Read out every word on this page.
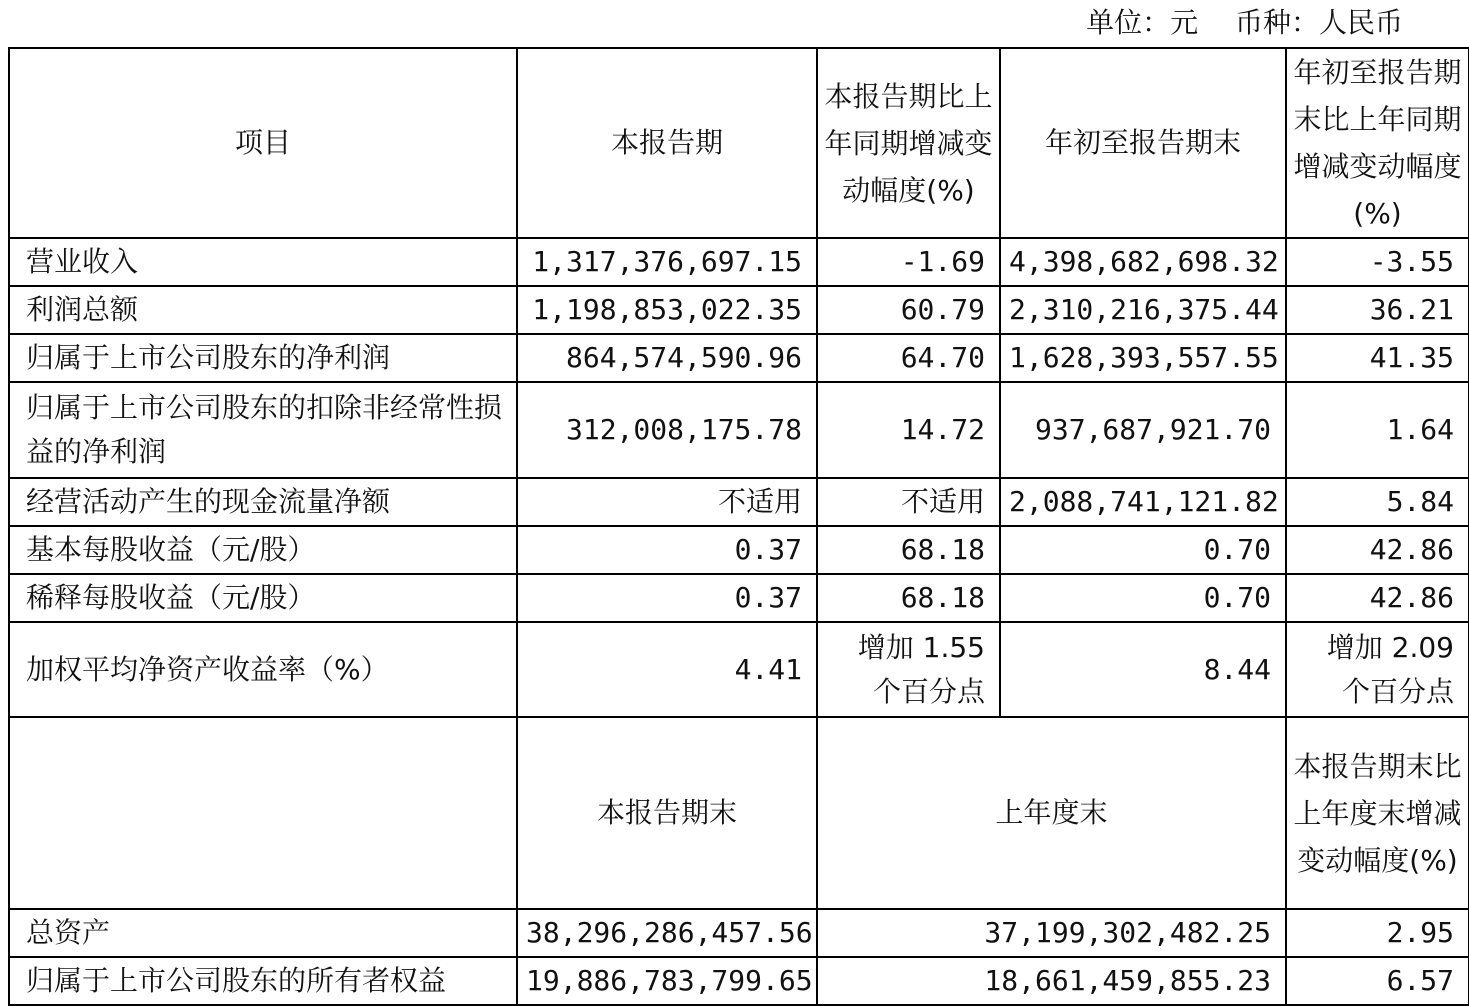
单位：元　 币种：人民币
项目	本报告期	本报告期比上年同期增减变动幅度(%)	年初至报告期末	年初至报告期末比上年同期增减变动幅度(%)
营业收入	1,317,376,697.15	-1.69	4,398,682,698.32	-3.55
利润总额	1,198,853,022.35	60.79	2,310,216,375.44	36.21
归属于上市公司股东的净利润	864,574,590.96	64.70	1,628,393,557.55	41.35
归属于上市公司股东的扣除非经常性损益的净利润	312,008,175.78	14.72	937,687,921.70	1.64
经营活动产生的现金流量净额	不适用	不适用	2,088,741,121.82	5.84
基本每股收益（元/股）	0.37	68.18	0.70	42.86
稀释每股收益（元/股）	0.37	68.18	0.70	42.86
加权平均净资产收益率（%）	4.41	增加 1.55 个百分点	8.44	增加 2.09 个百分点
	本报告期末	上年度末	本报告期末比上年度末增减变动幅度(%)
总资产	38,296,286,457.56	37,199,302,482.25	2.95
归属于上市公司股东的所有者权益	19,886,783,799.65	18,661,459,855.23	6.57
